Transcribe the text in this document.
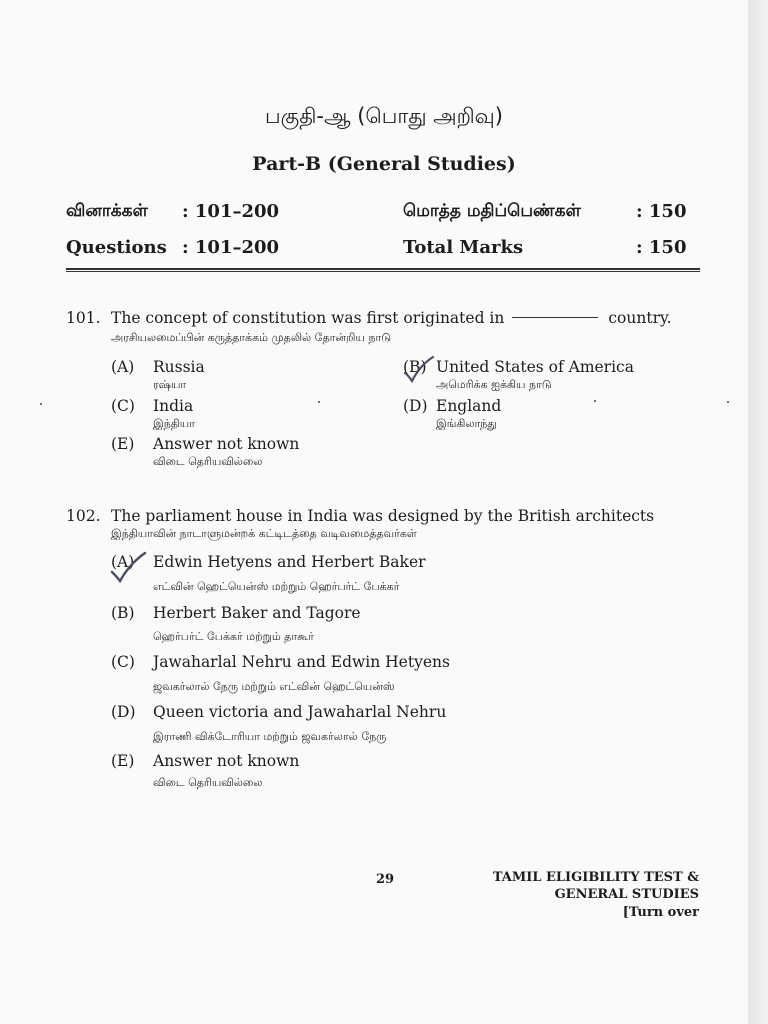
பகுதி-ஆ (பொது அறிவு)
Part-B (General Studies)
வினாக்கள் : 101–200	மொத்த மதிப்பெண்கள்	: 150
Questions : 101–200	Total Marks	: 150
101. The concept of constitution was first originated in	country.
அரசியலமைப்பின் கருத்தாக்கம் முதலில் தோன்றிய நாடு
(A) Russia
ரஷ்யா
(B) United States of America
அமெரிக்க ஐக்கிய நாடு
(C) India
இந்தியா
(D) England
இங்கிலாந்து
(E) Answer not known
விடை தெரியவில்லை
102. The parliament house in India was designed by the British architects
இந்தியாவின் நாடாளுமன்றக் கட்டிடத்தை வடிவமைத்தவர்கள்
(A) Edwin Hetyens and Herbert Baker
எட்வின் ஹெட்யென்ஸ் மற்றும் ஹெர்பர்ட் பேக்கர்
(B) Herbert Baker and Tagore
ஹெர்பர்ட் பேக்கர் மற்றும் தாகூர்
(C) Jawaharlal Nehru and Edwin Hetyens
ஜவகர்லால் நேரு மற்றும் எட்வின் ஹெட்யென்ஸ்
(D) Queen victoria and Jawaharlal Nehru
இராணி விக்டோரியா மற்றும் ஜவகர்லால் நேரு
(E) Answer not known
விடை தெரியவில்லை
29	TAMIL ELIGIBILITY TEST &
GENERAL STUDIES
[Turn over
